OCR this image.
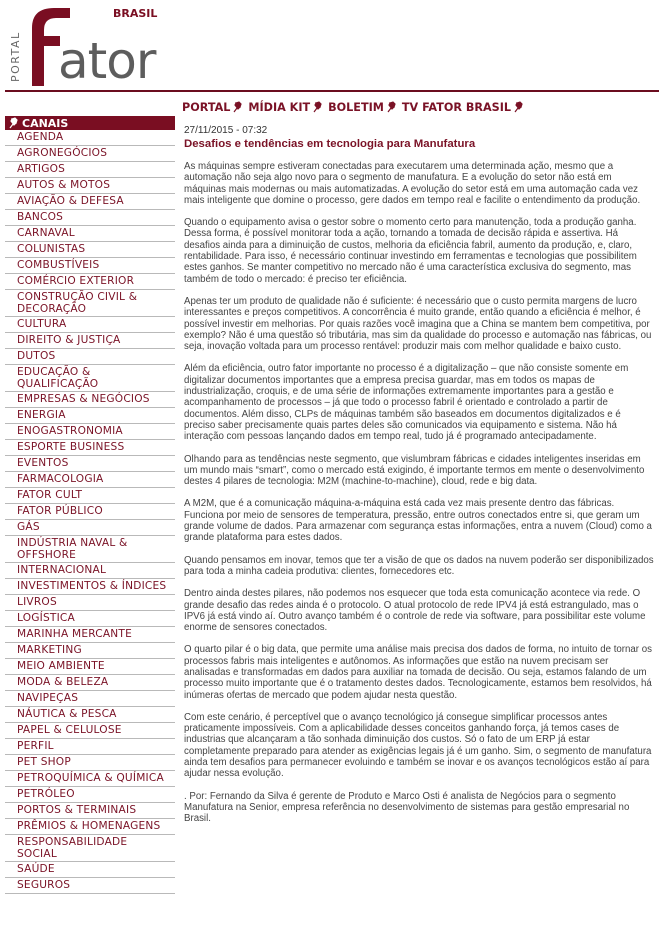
PORTAL ator
BRASIL
PORTAL MÍDIA KIT BOLETIM TV FATOR BRASIL
CANAIS
AGENDA
AGRONEGÓCIOS
ARTIGOS
AUTOS & MOTOS
AVIAÇÃO & DEFESA
BANCOS
CARNAVAL
COLUNISTAS
COMBUSTÍVEIS
COMÉRCIO EXTERIOR
CONSTRUÇÃO CIVIL & DECORAÇÃO
CULTURA
DIREITO & JUSTIÇA
DUTOS
EDUCAÇÃO & QUALIFICAÇÃO
EMPRESAS & NEGÓCIOS
ENERGIA
ENOGASTRONOMIA
ESPORTE BUSINESS
EVENTOS
FARMACOLOGIA
FATOR CULT
FATOR PÚBLICO
GÁS
INDÚSTRIA NAVAL & OFFSHORE
INTERNACIONAL
INVESTIMENTOS & ÍNDICES
LIVROS
LOGÍSTICA
MARINHA MERCANTE
MARKETING
MEIO AMBIENTE
MODA & BELEZA
NAVIPEÇAS
NÁUTICA & PESCA
PAPEL & CELULOSE
PERFIL
PET SHOP
PETROQUÍMICA & QUÍMICA
PETRÓLEO
PORTOS & TERMINAIS
PRÊMIOS & HOMENAGENS
RESPONSABILIDADE SOCIAL
SAÚDE
SEGUROS
27/11/2015 - 07:32
Desafios e tendências em tecnologia para Manufatura

As máquinas sempre estiveram conectadas para executarem uma determinada ação, mesmo que a automação não seja algo novo para o segmento de manufatura. E a evolução do setor não está em máquinas mais modernas ou mais automatizadas. A evolução do setor está em uma automação cada vez mais inteligente que domine o processo, gere dados em tempo real e facilite o entendimento da produção.

Quando o equipamento avisa o gestor sobre o momento certo para manutenção, toda a produção ganha. Dessa forma, é possível monitorar toda a ação, tornando a tomada de decisão rápida e assertiva. Há desafios ainda para a diminuição de custos, melhoria da eficiência fabril, aumento da produção, e, claro, rentabilidade. Para isso, é necessário continuar investindo em ferramentas e tecnologias que possibilitem estes ganhos. Se manter competitivo no mercado não é uma característica exclusiva do segmento, mas também de todo o mercado: é preciso ter eficiência.

Apenas ter um produto de qualidade não é suficiente: é necessário que o custo permita margens de lucro interessantes e preços competitivos. A concorrência é muito grande, então quando a eficiência é melhor, é possível investir em melhorias. Por quais razões você imagina que a China se mantem bem competitiva, por exemplo? Não é uma questão só tributária, mas sim da qualidade do processo e automação nas fábricas, ou seja, inovação voltada para um processo rentável: produzir mais com melhor qualidade e baixo custo.

Além da eficiência, outro fator importante no processo é a digitalização – que não consiste somente em digitalizar documentos importantes que a empresa precisa guardar, mas em todos os mapas de industrialização, croquis, e de uma série de informações extremamente importantes para a gestão e acompanhamento de processos – já que todo o processo fabril é orientado e controlado a partir de documentos. Além disso, CLPs de máquinas também são baseados em documentos digitalizados e é preciso saber precisamente quais partes deles são comunicados via equipamento e sistema. Não há interação com pessoas lançando dados em tempo real, tudo já é programado antecipadamente.

Olhando para as tendências neste segmento, que vislumbram fábricas e cidades inteligentes inseridas em um mundo mais “smart”, como o mercado está exigindo, é importante termos em mente o desenvolvimento destes 4 pilares de tecnologia: M2M (machine-to-machine), cloud, rede e big data.

A M2M, que é a comunicação máquina-a-máquina está cada vez mais presente dentro das fábricas. Funciona por meio de sensores de temperatura, pressão, entre outros conectados entre si, que geram um grande volume de dados. Para armazenar com segurança estas informações, entra a nuvem (Cloud) como a grande plataforma para estes dados.

Quando pensamos em inovar, temos que ter a visão de que os dados na nuvem poderão ser disponibilizados para toda a minha cadeia produtiva: clientes, fornecedores etc.

Dentro ainda destes pilares, não podemos nos esquecer que toda esta comunicação acontece via rede. O grande desafio das redes ainda é o protocolo. O atual protocolo de rede IPV4 já está estrangulado, mas o IPV6 já está vindo aí. Outro avanço também é o controle de rede via software, para possibilitar este volume enorme de sensores conectados.

O quarto pilar é o big data, que permite uma análise mais precisa dos dados de forma, no intuito de tornar os processos fabris mais inteligentes e autônomos. As informações que estão na nuvem precisam ser analisadas e transformadas em dados para auxiliar na tomada de decisão. Ou seja, estamos falando de um processo muito importante que é o tratamento destes dados. Tecnologicamente, estamos bem resolvidos, há inúmeras ofertas de mercado que podem ajudar nesta questão.

Com este cenário, é perceptível que o avanço tecnológico já consegue simplificar processos antes praticamente impossíveis. Com a aplicabilidade desses conceitos ganhando força, já temos cases de industrias que alcançaram a tão sonhada diminuição dos custos. Só o fato de um ERP já estar completamente preparado para atender as exigências legais já é um ganho. Sim, o segmento de manufatura ainda tem desafios para permanecer evoluindo e também se inovar e os avanços tecnológicos estão aí para ajudar nessa evolução.

. Por: Fernando da Silva é gerente de Produto e Marco Osti é analista de Negócios para o segmento Manufatura na Senior, empresa referência no desenvolvimento de sistemas para gestão empresarial no Brasil.
